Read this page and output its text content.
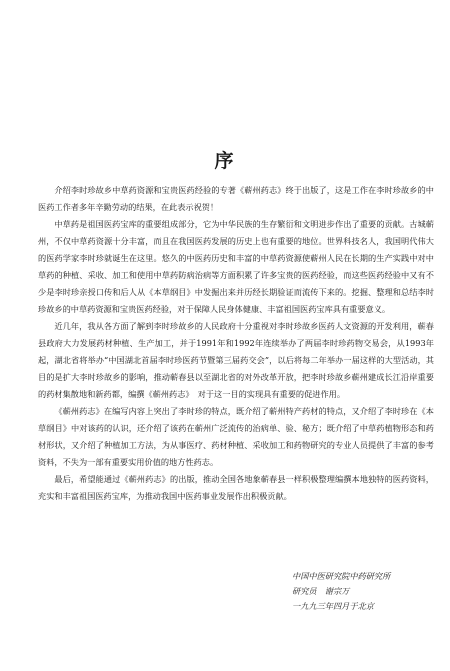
序

介绍李时珍故乡中草药资源和宝贵医药经验的专著《蕲州药志》终于出版了，这是工作在李时珍故乡的中医药工作者多年辛勤劳动的结果，在此表示祝贺！

中草药是祖国医药宝库的重要组成部分，它为中华民族的生存繁衍和文明进步作出了重要的贡献。古城蕲州，不仅中草药资源十分丰富，而且在我国医药发展的历史上也有重要的地位。世界科技名人，我国明代伟大的医药学家李时珍就诞生在这里。悠久的中医药历史和丰富的中草药资源使蕲州人民在长期的生产实践中对中草药的种植、采收、加工和使用中草药防病治病等方面积累了许多宝贵的医药经验，而这些医药经验中又有不少是李时珍亲授口传和后人从《本草纲目》中发掘出来并历经长期验证而流传下来的。挖掘、整理和总结李时珍故乡的中草药资源和宝贵医药经验，对于保障人民身体健康、丰富祖国医药宝库具有重要意义。

近几年，我从各方面了解到李时珍故乡的人民政府十分重视对李时珍故乡医药人文资源的开发利用，蕲春县政府大力发展药材种植、生产加工，并于1991年和1992年连续举办了两届李时珍药物交易会，从1993年起，湖北省将举办“中国湖北首届李时珍医药节暨第三届药交会”，以后将每二年举办一届这样的大型活动，其目的是扩大李时珍故乡的影响，推动蕲春县以至湖北省的对外改革开放，把李时珍故乡蕲州建成长江沿岸重要的药材集散地和新药都，编撰《蕲州药志》　对于这一目的实现具有重要的促进作用。

《蕲州药志》在编写内容上突出了李时珍的特点，既介绍了蕲州特产药材的特点，又介绍了李时珍在《本草纲目》中对该药的认识，还介绍了该药在蕲州广泛流传的治病单、验、秘方；既介绍了中草药植物形态和药材形状，又介绍了种植加工方法，为从事医疗、药材种植、采收加工和药物研究的专业人员提供了丰富的参考资料，不失为一部有重要实用价值的地方性药志。

最后，希望能通过《蕲州药志》的出版，推动全国各地象蕲春县一样积极整理编撰本地独特的医药资料，充实和丰富祖国医药宝库，为推动我国中医药事业发展作出积极贡献。

中国中医研究院中药研究所
研究员　谢宗万
一九九三年四月于北京
